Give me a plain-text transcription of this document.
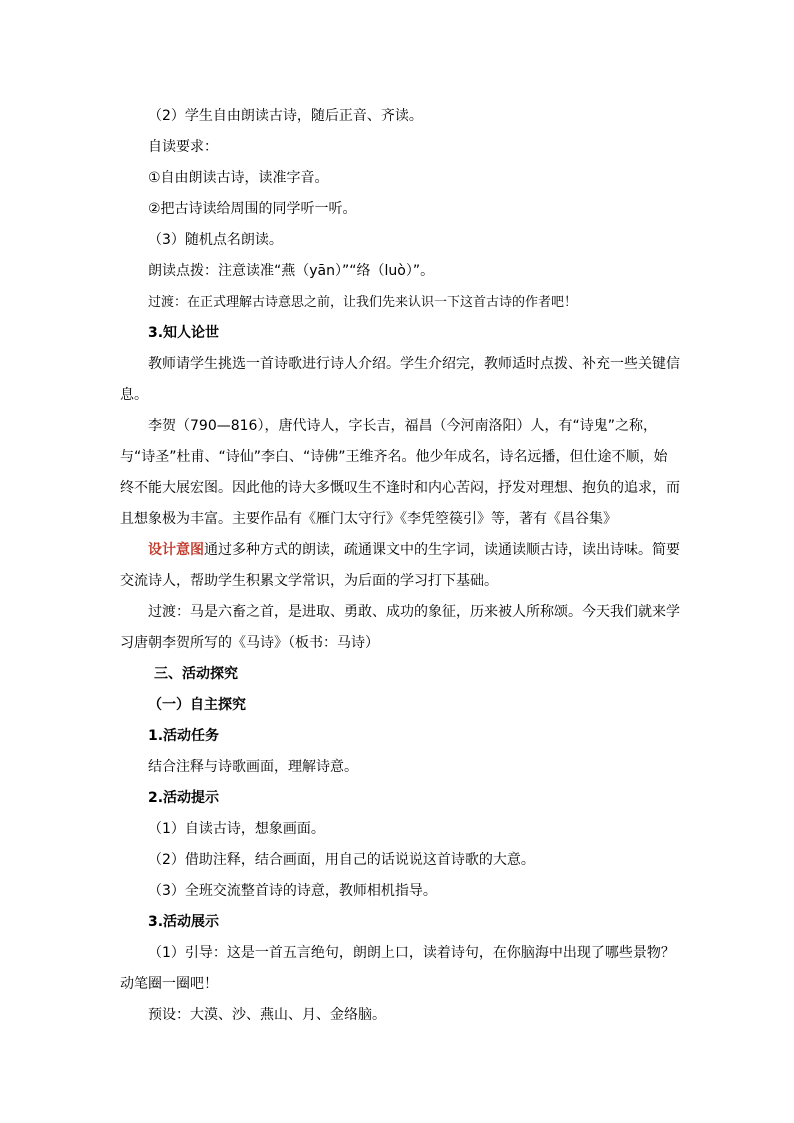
（2）学生自由朗读古诗，随后正音、齐读。

自读要求：

①自由朗读古诗，读准字音。

②把古诗读给周围的同学听一听。

（3）随机点名朗读。

朗读点拨：注意读准“燕（yān）”“络（luò）”。

过渡：在正式理解古诗意思之前，让我们先来认识一下这首古诗的作者吧！

3.知人论世

教师请学生挑选一首诗歌进行诗人介绍。学生介绍完，教师适时点拨、补充一些关键信息。

李贺（790—816），唐代诗人，字长吉，福昌（今河南洛阳）人，有“诗鬼”之称，与“诗圣”杜甫、“诗仙”李白、“诗佛”王维齐名。他少年成名，诗名远播，但仕途不顺，始终不能大展宏图。因此他的诗大多慨叹生不逢时和内心苦闷，抒发对理想、抱负的追求，而且想象极为丰富。主要作品有《雁门太守行》《李凭箜篌引》等，著有《昌谷集》

设计意图通过多种方式的朗读，疏通课文中的生字词，读通读顺古诗，读出诗味。简要交流诗人，帮助学生积累文学常识，为后面的学习打下基础。

过渡：马是六畜之首，是进取、勇敢、成功的象征，历来被人所称颂。今天我们就来学习唐朝李贺所写的《马诗》（板书：马诗）

三、活动探究

（一）自主探究

1.活动任务

结合注释与诗歌画面，理解诗意。

2.活动提示

（1）自读古诗，想象画面。

（2）借助注释，结合画面，用自己的话说说这首诗歌的大意。

（3）全班交流整首诗的诗意，教师相机指导。

3.活动展示

（1）引导：这是一首五言绝句，朗朗上口，读着诗句，在你脑海中出现了哪些景物？动笔圈一圈吧！

预设：大漠、沙、燕山、月、金络脑。
